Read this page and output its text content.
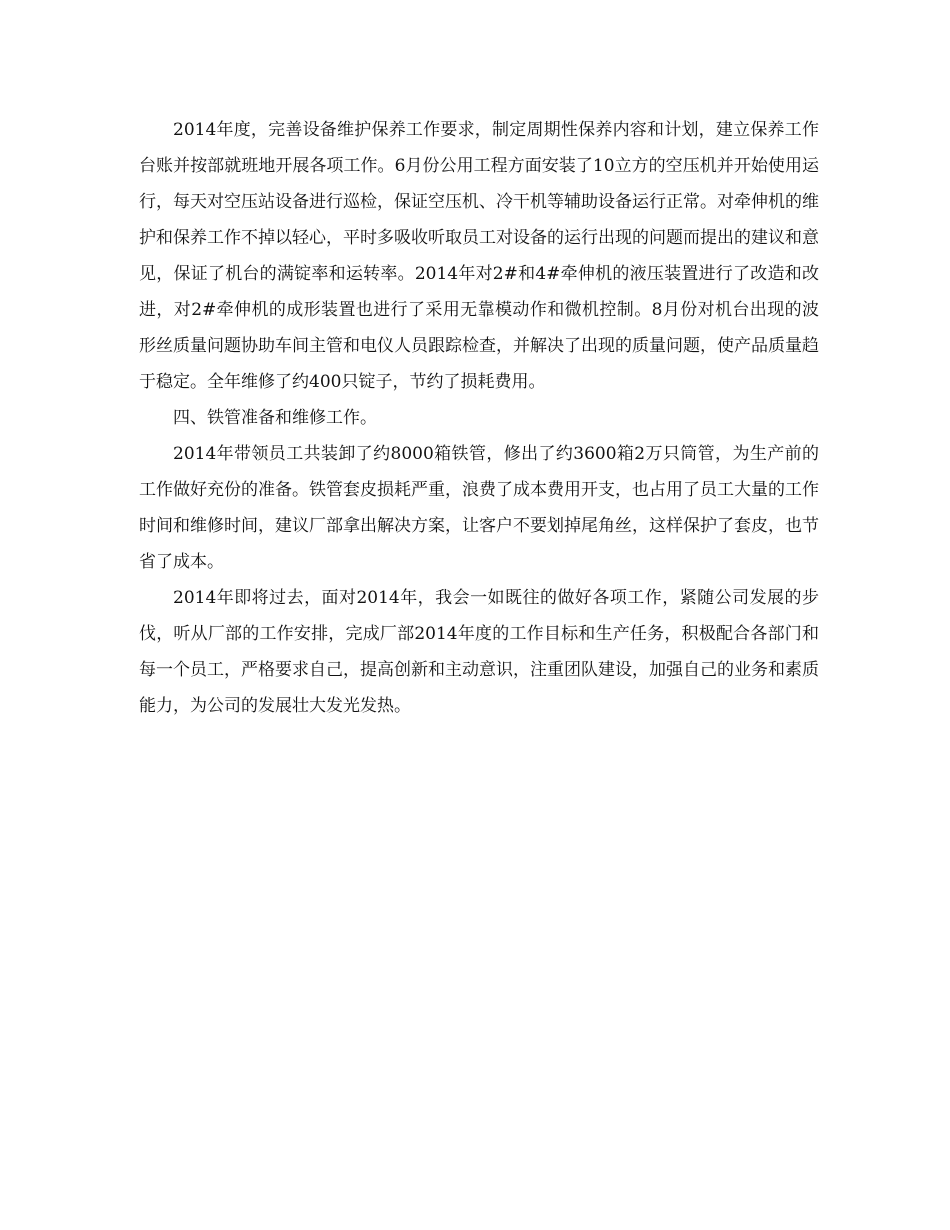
2014年度，完善设备维护保养工作要求，制定周期性保养内容和计划，建立保养工作台账并按部就班地开展各项工作。6月份公用工程方面安装了10立方的空压机并开始使用运行，每天对空压站设备进行巡检，保证空压机、冷干机等辅助设备运行正常。对牵伸机的维护和保养工作不掉以轻心，平时多吸收听取员工对设备的运行出现的问题而提出的建议和意见，保证了机台的满锭率和运转率。2014年对2#和4#牵伸机的液压装置进行了改造和改进，对2#牵伸机的成形装置也进行了采用无靠模动作和微机控制。8月份对机台出现的波形丝质量问题协助车间主管和电仪人员跟踪检查，并解决了出现的质量问题，使产品质量趋于稳定。全年维修了约400只锭子，节约了损耗费用。

四、铁管准备和维修工作。

2014年带领员工共装卸了约8000箱铁管，修出了约3600箱2万只筒管，为生产前的工作做好充份的准备。铁管套皮损耗严重，浪费了成本费用开支，也占用了员工大量的工作时间和维修时间，建议厂部拿出解决方案，让客户不要划掉尾角丝，这样保护了套皮，也节省了成本。

2014年即将过去，面对2014年，我会一如既往的做好各项工作，紧随公司发展的步伐，听从厂部的工作安排，完成厂部2014年度的工作目标和生产任务，积极配合各部门和每一个员工，严格要求自己，提高创新和主动意识，注重团队建设，加强自己的业务和素质能力，为公司的发展壮大发光发热。
